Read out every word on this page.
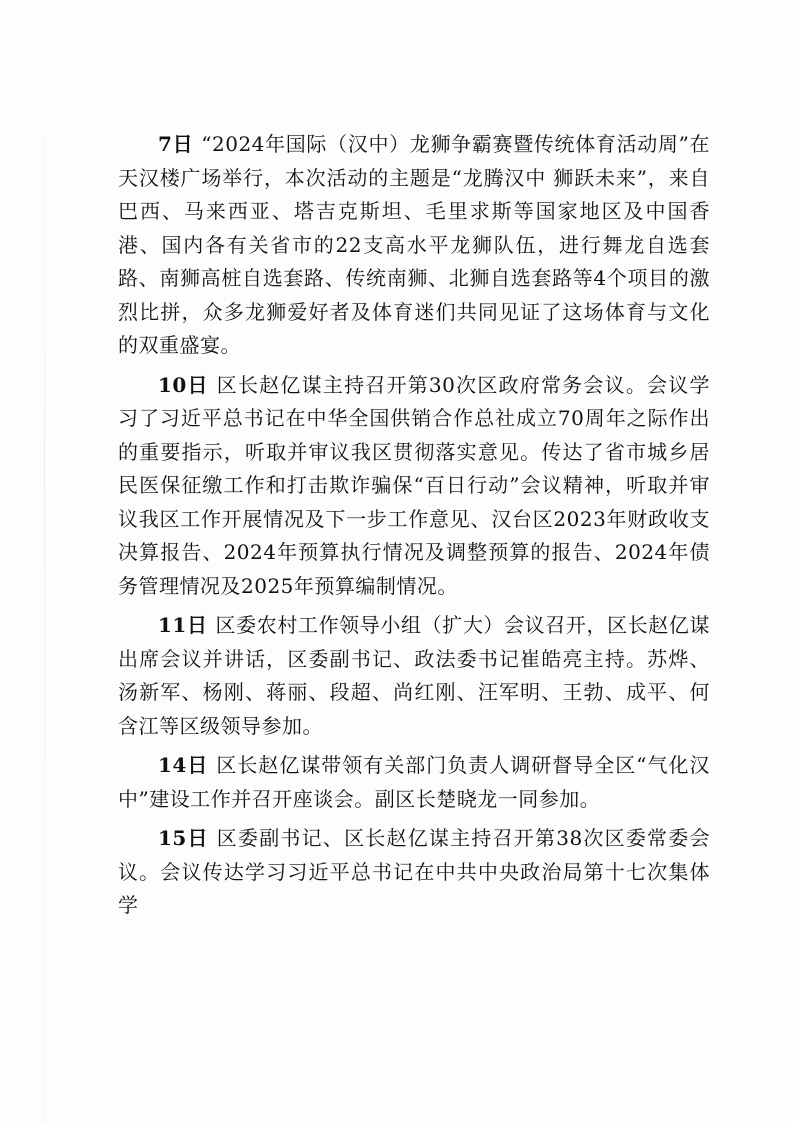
7日 “2024年国际（汉中）龙狮争霸赛暨传统体育活动周”在天汉楼广场举行，本次活动的主题是“龙腾汉中 狮跃未来”，来自巴西、马来西亚、塔吉克斯坦、毛里求斯等国家地区及中国香港、国内各有关省市的22支高水平龙狮队伍，进行舞龙自选套路、南狮高桩自选套路、传统南狮、北狮自选套路等4个项目的激烈比拼，众多龙狮爱好者及体育迷们共同见证了这场体育与文化的双重盛宴。

10日 区长赵亿谋主持召开第30次区政府常务会议。会议学习了习近平总书记在中华全国供销合作总社成立70周年之际作出的重要指示，听取并审议我区贯彻落实意见。传达了省市城乡居民医保征缴工作和打击欺诈骗保“百日行动”会议精神，听取并审议我区工作开展情况及下一步工作意见、汉台区2023年财政收支决算报告、2024年预算执行情况及调整预算的报告、2024年债务管理情况及2025年预算编制情况。

11日 区委农村工作领导小组（扩大）会议召开，区长赵亿谋出席会议并讲话，区委副书记、政法委书记崔皓亮主持。苏烨、汤新军、杨刚、蒋丽、段超、尚红刚、汪军明、王勃、成平、何含江等区级领导参加。

14日 区长赵亿谋带领有关部门负责人调研督导全区“气化汉中”建设工作并召开座谈会。副区长楚晓龙一同参加。

15日 区委副书记、区长赵亿谋主持召开第38次区委常委会议。会议传达学习习近平总书记在中共中央政治局第十七次集体学
